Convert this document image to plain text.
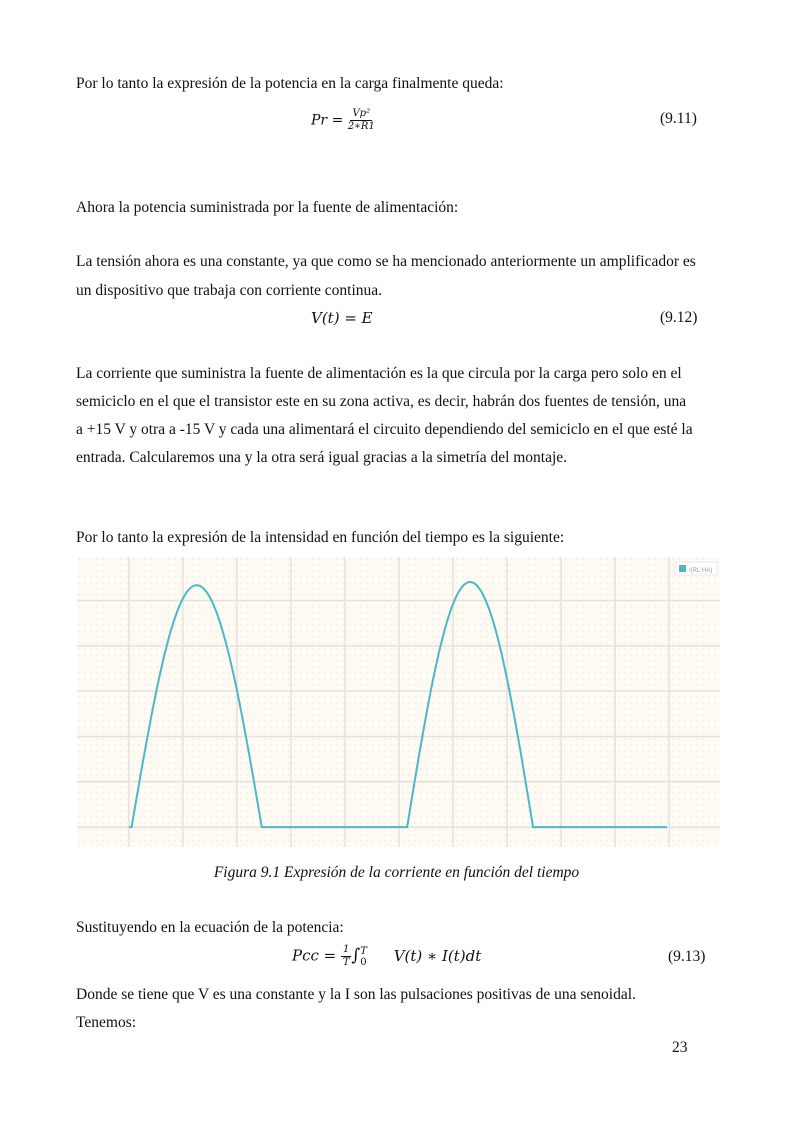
Por lo tanto la expresión de la potencia en la carga finalmente queda:
$Pr = \frac{\text{Vp²}}{2∗R1}$	(9.11)
Ahora la potencia suministrada por la fuente de alimentación:
La tensión ahora es una constante, ya que como se ha mencionado anteriormente un amplificador es
un dispositivo que trabaja con corriente continua.
V(t) = E	(9.12)
La corriente que suministra la fuente de alimentación es la que circula por la carga pero solo en el
semiciclo en el que el transistor este en su zona activa, es decir, habrán dos fuentes de tensión, una
a +15 V y otra a -15 V y cada una alimentará el circuito dependiendo del semiciclo en el que esté la
entrada. Calcularemos una y la otra será igual gracias a la simetría del montaje.
Por lo tanto la expresión de la intensidad en función del tiempo es la siguiente:
I(RL:HA)
Figura 9.1 Expresión de la corriente en función del tiempo
Sustituyendo en la ecuación de la potencia:
Pcc = $\frac{1}{T}$ ∫ T
0 V(t) ∗ I(t)dt	(9.13)
Donde se tiene que V es una constante y la I son las pulsaciones positivas de una senoidal.
Tenemos:
23
